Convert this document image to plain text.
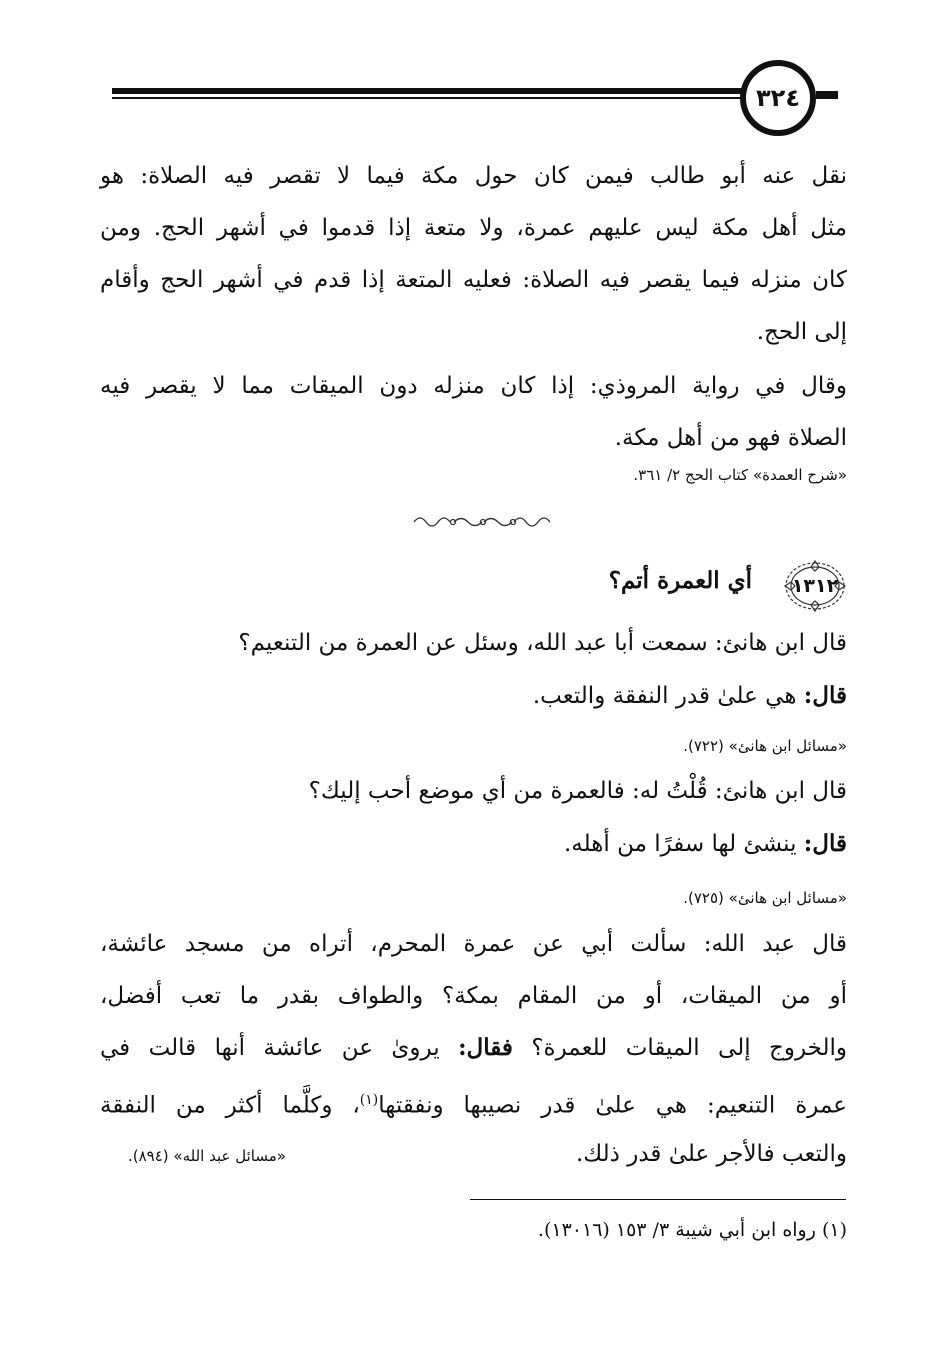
٣٢٤
نقل عنه أبو طالب فيمن كان حول مكة فيما لا تقصر فيه الصلاة: هو
مثل أهل مكة ليس عليهم عمرة، ولا متعة إذا قدموا في أشهر الحج. ومن
كان منزله فيما يقصر فيه الصلاة: فعليه المتعة إذا قدم في أشهر الحج وأقام
إلى الحج.
وقال في رواية المروذي: إذا كان منزله دون الميقات مما لا يقصر فيه
الصلاة فهو من أهل مكة.
«شرح العمدة» كتاب الحج ٢/ ٣٦١.
١٣١٢
أي العمرة أتم؟
قال ابن هانئ: سمعت أبا عبد الله، وسئل عن العمرة من التنعيم؟
قال: هي علىٰ قدر النفقة والتعب.
«مسائل ابن هانئ» (٧٢٢).
قال ابن هانئ: قُلْتُ له: فالعمرة من أي موضع أحب إليك؟
قال: ينشئ لها سفرًا من أهله.
«مسائل ابن هانئ» (٧٢٥).
قال عبد الله: سألت أبي عن عمرة المحرم، أتراه من مسجد عائشة،
أو من الميقات، أو من المقام بمكة؟ والطواف بقدر ما تعب أفضل،
والخروج إلى الميقات للعمرة؟ فقال: يروىٰ عن عائشة أنها قالت في
عمرة التنعيم: هي علىٰ قدر نصيبها ونفقتها$^{(١)}$، وكلَّما أكثر من النفقة
والتعب فالأجر علىٰ قدر ذلك.
«مسائل عبد الله» (٨٩٤).
(١) رواه ابن أبي شيبة ٣/ ١٥٣ (١٣٠١٦).
